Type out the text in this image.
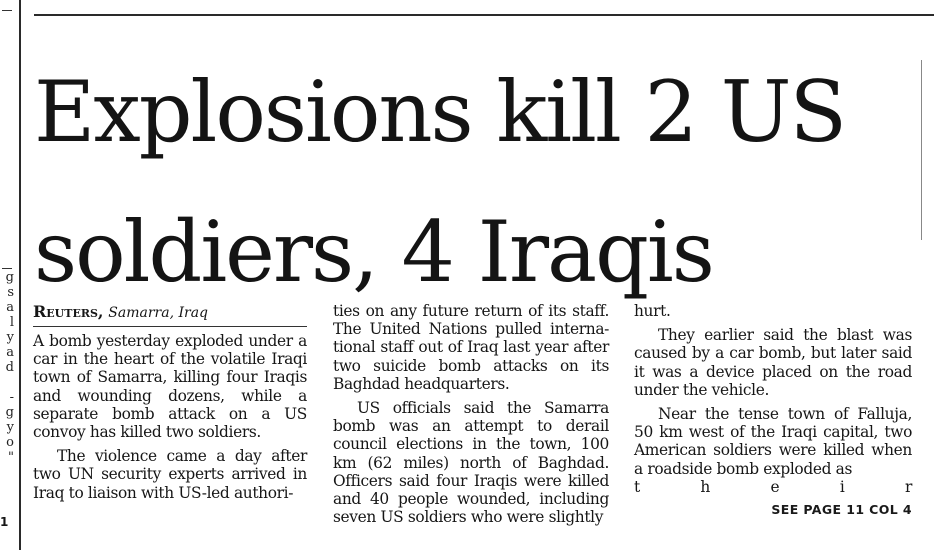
g
s
a
l
y
a
d
-
g
y
o
"
1
Explosions kill 2 US
soldiers, 4 Iraqis
Reuters, Samarra, Iraq

A bomb yesterday exploded under a car in the heart of the volatile Iraqi town of Samarra, killing four Iraqis and wounding dozens, while a separate bomb attack on a US convoy has killed two soldiers.

The violence came a day after two UN security experts arrived in Iraq to liaison with US-led authori-

ties on any future return of its staff. The United Nations pulled interna-tional staff out of Iraq last year after two suicide bomb attacks on its Baghdad headquarters.

US officials said the Samarra bomb was an attempt to derail council elections in the town, 100 km (62 miles) north of Baghdad. Officers said four Iraqis were killed and 40 people wounded, including seven US soldiers who were slightly

hurt.

They earlier said the blast was caused by a car bomb, but later said it was a device placed on the road under the vehicle.

Near the tense town of Falluja, 50 km west of the Iraqi capital, two American soldiers were killed when a roadside bomb exploded as

t	h	e	i	r
SEE PAGE 11 COL 4
